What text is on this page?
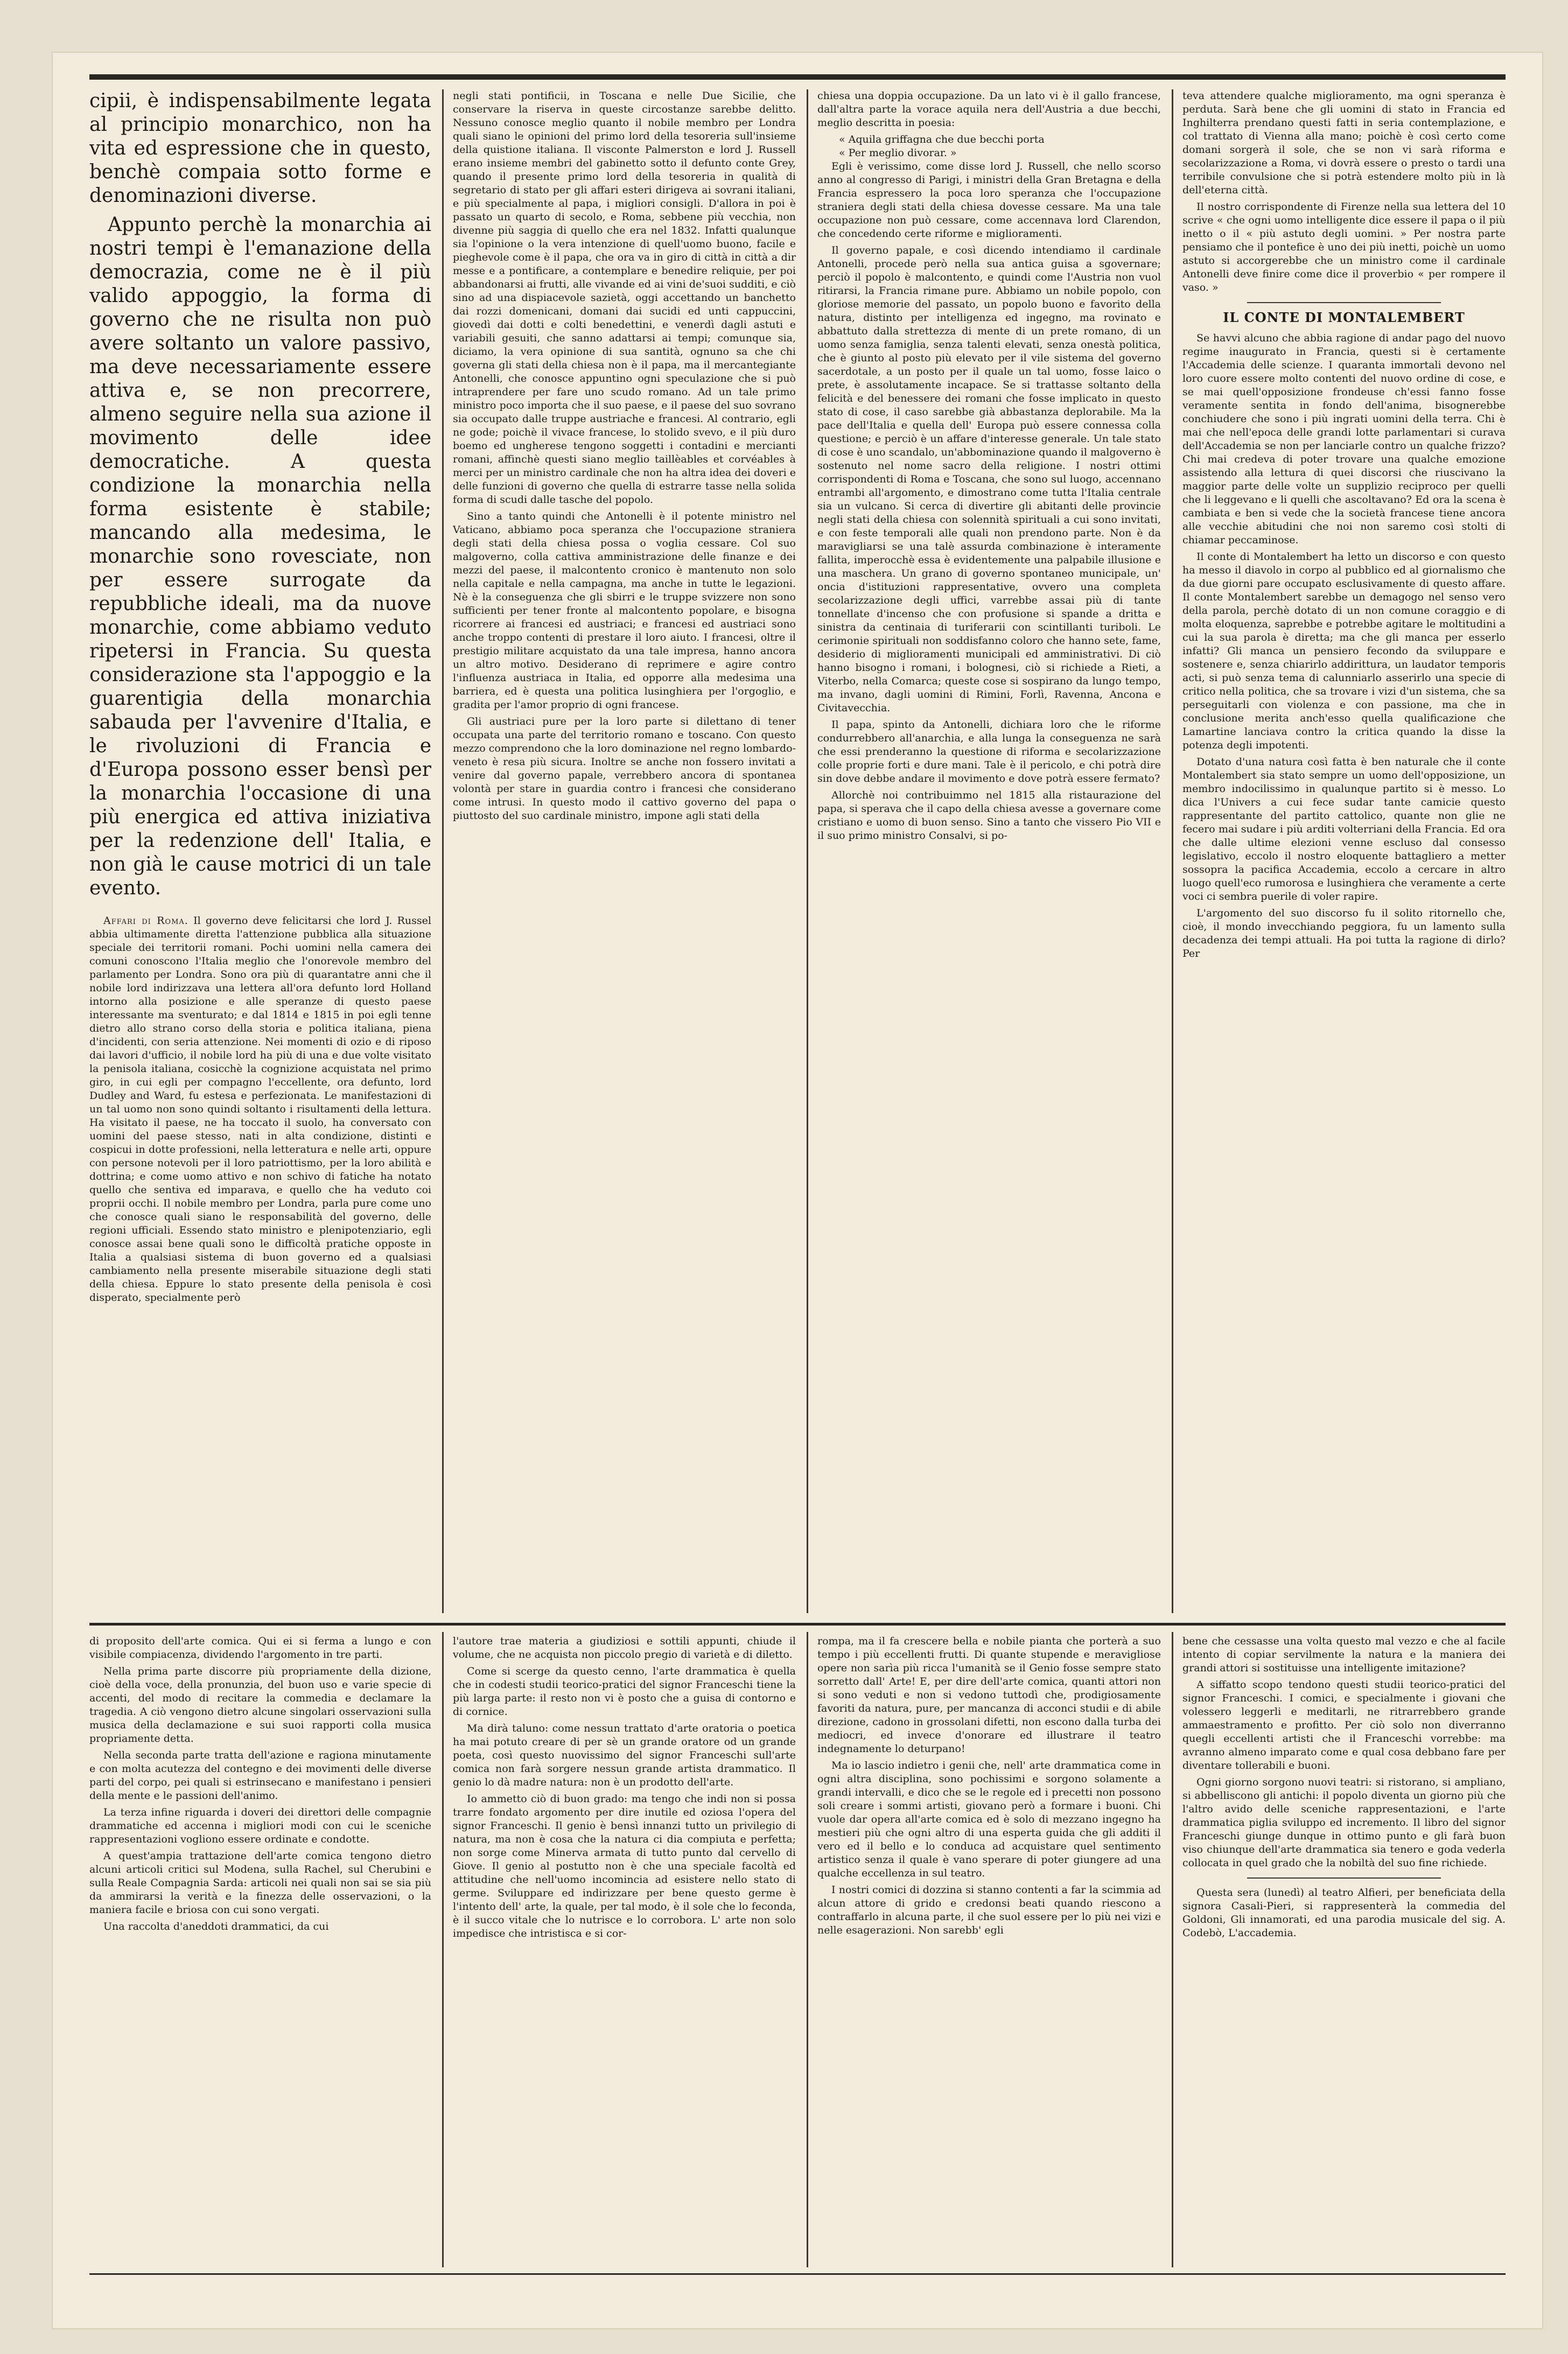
cipii, è indispensabilmente legata al principio monarchico, non ha vita ed espressione che in questo, benchè compaia sotto forme e denominazioni diverse.

Appunto perchè la monarchia ai nostri tempi è l'emanazione della democrazia, come ne è il più valido appoggio, la forma di governo che ne risulta non può avere soltanto un valore passivo, ma deve necessariamente essere attiva e, se non precorrere, almeno seguire nella sua azione il movimento delle idee democratiche. A questa condizione la monarchia nella forma esistente è stabile; mancando alla medesima, le monarchie sono rovesciate, non per essere surrogate da repubbliche ideali, ma da nuove monarchie, come abbiamo veduto ripetersi in Francia. Su questa considerazione sta l'appoggio e la guarentigia della monarchia sabauda per l'avvenire d'Italia, e le rivoluzioni di Francia e d'Europa possono esser bensì per la monarchia l'occasione di una più energica ed attiva iniziativa per la redenzione dell' Italia, e non già le cause motrici di un tale evento.

Affari di Roma. Il governo deve felicitarsi che lord J. Russel abbia ultimamente diretta l'attenzione pubblica alla situazione speciale dei territorii romani. Pochi uomini nella camera dei comuni conoscono l'Italia meglio che l'onorevole membro del parlamento per Londra. Sono ora più di quarantatre anni che il nobile lord indirizzava una lettera all'ora defunto lord Holland intorno alla posizione e alle speranze di questo paese interessante ma sventurato; e dal 1814 e 1815 in poi egli tenne dietro allo strano corso della storia e politica italiana, piena d'incidenti, con seria attenzione. Nei momenti di ozio e di riposo dai lavori d'ufficio, il nobile lord ha più di una e due volte visitato la penisola italiana, cosicchè la cognizione acquistata nel primo giro, in cui egli per compagno l'eccellente, ora defunto, lord Dudley and Ward, fu estesa e perfezionata. Le manifestazioni di un tal uomo non sono quindi soltanto i risultamenti della lettura. Ha visitato il paese, ne ha toccato il suolo, ha conversato con uomini del paese stesso, nati in alta condizione, distinti e cospicui in dotte professioni, nella letteratura e nelle arti, oppure con persone notevoli per il loro patriottismo, per la loro abilità e dottrina; e come uomo attivo e non schivo di fatiche ha notato quello che sentiva ed imparava, e quello che ha veduto coi proprii occhi. Il nobile membro per Londra, parla pure come uno che conosce quali siano le responsabilità del governo, delle regioni ufficiali. Essendo stato ministro e plenipotenziario, egli conosce assai bene quali sono le difficoltà pratiche opposte in Italia a qualsiasi sistema di buon governo ed a qualsiasi cambiamento nella presente miserabile situazione degli stati della chiesa. Eppure lo stato presente della penisola è così disperato, specialmente però

negli stati pontificii, in Toscana e nelle Due Sicilie, che conservare la riserva in queste circostanze sarebbe delitto. Nessuno conosce meglio quanto il nobile membro per Londra quali siano le opinioni del primo lord della tesoreria sull'insieme della quistione italiana. Il visconte Palmerston e lord J. Russell erano insieme membri del gabinetto sotto il defunto conte Grey, quando il presente primo lord della tesoreria in qualità di segretario di stato per gli affari esteri dirigeva ai sovrani italiani, e più specialmente al papa, i migliori consigli. D'allora in poi è passato un quarto di secolo, e Roma, sebbene più vecchia, non divenne più saggia di quello che era nel 1832. Infatti qualunque sia l'opinione o la vera intenzione di quell'uomo buono, facile e pieghevole come è il papa, che ora va in giro di città in città a dir messe e a pontificare, a contemplare e benedire reliquie, per poi abbandonarsi ai frutti, alle vivande ed ai vini de'suoi sudditi, e ciò sino ad una dispiacevole sazietà, oggi accettando un banchetto dai rozzi domenicani, domani dai sucidi ed unti cappuccini, giovedì dai dotti e colti benedettini, e venerdì dagli astuti e variabili gesuiti, che sanno adattarsi ai tempi; comunque sia, diciamo, la vera opinione di sua santità, ognuno sa che chi governa gli stati della chiesa non è il papa, ma il mercantegiante Antonelli, che conosce appuntino ogni speculazione che si può intraprendere per fare uno scudo romano. Ad un tale primo ministro poco importa che il suo paese, e il paese del suo sovrano sia occupato dalle truppe austriache e francesi. Al contrario, egli ne gode; poichè il vivace francese, lo stolido svevo, e il più duro boemo ed ungherese tengono soggetti i contadini e mercianti romani, affinchè questi siano meglio taillèables et corvéables à merci per un ministro cardinale che non ha altra idea dei doveri e delle funzioni di governo che quella di estrarre tasse nella solida forma di scudi dalle tasche del popolo.

Sino a tanto quindi che Antonelli è il potente ministro nel Vaticano, abbiamo poca speranza che l'occupazione straniera degli stati della chiesa possa o voglia cessare. Col suo malgoverno, colla cattiva amministrazione delle finanze e dei mezzi del paese, il malcontento cronico è mantenuto non solo nella capitale e nella campagna, ma anche in tutte le legazioni. Nè è la conseguenza che gli sbirri e le truppe svizzere non sono sufficienti per tener fronte al malcontento popolare, e bisogna ricorrere ai francesi ed austriaci; e francesi ed austriaci sono anche troppo contenti di prestare il loro aiuto. I francesi, oltre il prestigio militare acquistato da una tale impresa, hanno ancora un altro motivo. Desiderano di reprimere e agire contro l'influenza austriaca in Italia, ed opporre alla medesima una barriera, ed è questa una politica lusinghiera per l'orgoglio, e gradita per l'amor proprio di ogni francese.

Gli austriaci pure per la loro parte si dilettano di tener occupata una parte del territorio romano e toscano. Con questo mezzo comprendono che la loro dominazione nel regno lombardo-veneto è resa più sicura. Inoltre se anche non fossero invitati a venire dal governo papale, verrebbero ancora di spontanea volontà per stare in guardia contro i francesi che considerano come intrusi. In questo modo il cattivo governo del papa o piuttosto del suo cardinale ministro, impone agli stati della

chiesa una doppia occupazione. Da un lato vi è il gallo francese, dall'altra parte la vorace aquila nera dell'Austria a due becchi, meglio descritta in poesia:

« Aquila griffagna che due becchi porta
« Per meglio divorar. »

Egli è verissimo, come disse lord J. Russell, che nello scorso anno al congresso di Parigi, i ministri della Gran Bretagna e della Francia espressero la poca loro speranza che l'occupazione straniera degli stati della chiesa dovesse cessare. Ma una tale occupazione non può cessare, come accennava lord Clarendon, che concedendo certe riforme e miglioramenti.

Il governo papale, e così dicendo intendiamo il cardinale Antonelli, procede però nella sua antica guisa a sgovernare; perciò il popolo è malcontento, e quindi come l'Austria non vuol ritirarsi, la Francia rimane pure. Abbiamo un nobile popolo, con gloriose memorie del passato, un popolo buono e favorito della natura, distinto per intelligenza ed ingegno, ma rovinato e abbattuto dalla strettezza di mente di un prete romano, di un uomo senza famiglia, senza talenti elevati, senza onestà politica, che è giunto al posto più elevato per il vile sistema del governo sacerdotale, a un posto per il quale un tal uomo, fosse laico o prete, è assolutamente incapace. Se si trattasse soltanto della felicità e del benessere dei romani che fosse implicato in questo stato di cose, il caso sarebbe già abbastanza deplorabile. Ma la pace dell'Italia e quella dell' Europa può essere connessa colla questione; e perciò è un affare d'interesse generale. Un tale stato di cose è uno scandalo, un'abbominazione quando il malgoverno è sostenuto nel nome sacro della religione. I nostri ottimi corrispondenti di Roma e Toscana, che sono sul luogo, accennano entrambi all'argomento, e dimostrano come tutta l'Italia centrale sia un vulcano. Si cerca di divertire gli abitanti delle provincie negli stati della chiesa con solennità spirituali a cui sono invitati, e con feste temporali alle quali non prendono parte. Non è da maravigliarsi se una talè assurda combinazione è interamente fallita, imperocchè essa è evidentemente una palpabile illusione e una maschera. Un grano di governo spontaneo municipale, un' oncia d'istituzioni rappresentative, ovvero una completa secolarizzazione degli uffici, varrebbe assai più di tante tonnellate d'incenso che con profusione si spande a dritta e sinistra da centinaia di turiferarii con scintillanti turiboli. Le cerimonie spirituali non soddisfanno coloro che hanno sete, fame, desiderio di miglioramenti municipali ed amministrativi. Di ciò hanno bisogno i romani, i bolognesi, ciò si richiede a Rieti, a Viterbo, nella Comarca; queste cose si sospirano da lungo tempo, ma invano, dagli uomini di Rimini, Forlì, Ravenna, Ancona e Civitavecchia.

Il papa, spinto da Antonelli, dichiara loro che le riforme condurrebbero all'anarchia, e alla lunga la conseguenza ne sarà che essi prenderanno la questione di riforma e secolarizzazione colle proprie forti e dure mani. Tale è il pericolo, e chi potrà dire sin dove debbe andare il movimento e dove potrà essere fermato?

Allorchè noi contribuimmo nel 1815 alla ristaurazione del papa, si sperava che il capo della chiesa avesse a governare come cristiano e uomo di buon senso. Sino a tanto che vissero Pio VII e il suo primo ministro Consalvi, si po-

teva attendere qualche miglioramento, ma ogni speranza è perduta. Sarà bene che gli uomini di stato in Francia ed Inghilterra prendano questi fatti in seria contemplazione, e col trattato di Vienna alla mano; poichè è così certo come domani sorgerà il sole, che se non vi sarà riforma e secolarizzazione a Roma, vi dovrà essere o presto o tardi una terribile convulsione che si potrà estendere molto più in là dell'eterna città.

Il nostro corrispondente di Firenze nella sua lettera del 10 scrive « che ogni uomo intelligente dice essere il papa o il più inetto o il « più astuto degli uomini. » Per nostra parte pensiamo che il pontefice è uno dei più inetti, poichè un uomo astuto si accorgerebbe che un ministro come il cardinale Antonelli deve finire come dice il proverbio « per rompere il vaso. »

IL CONTE DI MONTALEMBERT

Se havvi alcuno che abbia ragione di andar pago del nuovo regime inaugurato in Francia, questi si è certamente l'Accademia delle scienze. I quaranta immortali devono nel loro cuore essere molto contenti del nuovo ordine di cose, e se mai quell'opposizione frondeuse ch'essi fanno fosse veramente sentita in fondo dell'anima, bisognerebbe conchiudere che sono i più ingrati uomini della terra. Chi è mai che nell'epoca delle grandi lotte parlamentari si curava dell'Accademia se non per lanciarle contro un qualche frizzo? Chi mai credeva di poter trovare una qualche emozione assistendo alla lettura di quei discorsi che riuscivano la maggior parte delle volte un supplizio reciproco per quelli che li leggevano e li quelli che ascoltavano? Ed ora la scena è cambiata e ben si vede che la società francese tiene ancora alle vecchie abitudini che noi non saremo così stolti di chiamar peccaminose.

Il conte di Montalembert ha letto un discorso e con questo ha messo il diavolo in corpo al pubblico ed al giornalismo che da due giorni pare occupato esclusivamente di questo affare. Il conte Montalembert sarebbe un demagogo nel senso vero della parola, perchè dotato di un non comune coraggio e di molta eloquenza, saprebbe e potrebbe agitare le moltitudini a cui la sua parola è diretta; ma che gli manca per esserlo infatti? Gli manca un pensiero fecondo da sviluppare e sostenere e, senza chiarirlo addirittura, un laudator temporis acti, si può senza tema di calunniarlo asserirlo una specie di critico nella politica, che sa trovare i vizi d'un sistema, che sa perseguitarli con violenza e con passione, ma che in conclusione merita anch'esso quella qualificazione che Lamartine lanciava contro la critica quando la disse la potenza degli impotenti.

Dotato d'una natura così fatta è ben naturale che il conte Montalembert sia stato sempre un uomo dell'opposizione, un membro indocilissimo in qualunque partito si è messo. Lo dica l'Univers a cui fece sudar tante camicie questo rappresentante del partito cattolico, quante non glie ne fecero mai sudare i più arditi volterriani della Francia. Ed ora che dalle ultime elezioni venne escluso dal consesso legislativo, eccolo il nostro eloquente battagliero a metter sossopra la pacifica Accademia, eccolo a cercare in altro luogo quell'eco rumorosa e lusinghiera che veramente a certe voci ci sembra puerile di voler rapire.

L'argomento del suo discorso fu il solito ritornello che, cioè, il mondo invecchiando peggiora, fu un lamento sulla decadenza dei tempi attuali. Ha poi tutta la ragione di dirlo? Per

di proposito dell'arte comica. Qui ei si ferma a lungo e con visibile compiacenza, dividendo l'argomento in tre parti.

Nella prima parte discorre più propriamente della dizione, cioè della voce, della pronunzia, del buon uso e varie specie di accenti, del modo di recitare la commedia e declamare la tragedia. A ciò vengono dietro alcune singolari osservazioni sulla musica della declamazione e sui suoi rapporti colla musica propriamente detta.

Nella seconda parte tratta dell'azione e ragiona minutamente e con molta acutezza del contegno e dei movimenti delle diverse parti del corpo, pei quali si estrinsecano e manifestano i pensieri della mente e le passioni dell'animo.

La terza infine riguarda i doveri dei direttori delle compagnie drammatiche ed accenna i migliori modi con cui le sceniche rappresentazioni vogliono essere ordinate e condotte.

A quest'ampia trattazione dell'arte comica tengono dietro alcuni articoli critici sul Modena, sulla Rachel, sul Cherubini e sulla Reale Compagnia Sarda: articoli nei quali non sai se sia più da ammirarsi la verità e la finezza delle osservazioni, o la maniera facile e briosa con cui sono vergati.

Una raccolta d'aneddoti drammatici, da cui

l'autore trae materia a giudiziosi e sottili appunti, chiude il volume, che ne acquista non piccolo pregio di varietà e di diletto.

Come si scerge da questo cenno, l'arte drammatica è quella che in codesti studii teorico-pratici del signor Franceschi tiene la più larga parte: il resto non vi è posto che a guisa di contorno e di cornice.

Ma dirà taluno: come nessun trattato d'arte oratoria o poetica ha mai potuto creare di per sè un grande oratore od un grande poeta, così questo nuovissimo del signor Franceschi sull'arte comica non farà sorgere nessun grande artista drammatico. Il genio lo dà madre natura: non è un prodotto dell'arte.

Io ammetto ciò di buon grado: ma tengo che indi non si possa trarre fondato argomento per dire inutile ed oziosa l'opera del signor Franceschi. Il genio è bensì innanzi tutto un privilegio di natura, ma non è cosa che la natura ci dia compiuta e perfetta; non sorge come Minerva armata di tutto punto dal cervello di Giove. Il genio al postutto non è che una speciale facoltà ed attitudine che nell'uomo incomincia ad esistere nello stato di germe. Sviluppare ed indirizzare per bene questo germe è l'intento dell' arte, la quale, per tal modo, è il sole che lo feconda, è il succo vitale che lo nutrisce e lo corrobora. L' arte non solo impedisce che intristisca e si cor-

rompa, ma il fa crescere bella e nobile pianta che porterà a suo tempo i più eccellenti frutti. Di quante stupende e meravigliose opere non sarìa più ricca l'umanità se il Genio fosse sempre stato sorretto dall' Arte! E, per dire dell'arte comica, quanti attori non si sono veduti e non si vedono tuttodì che, prodigiosamente favoriti da natura, pure, per mancanza di acconci studii e di abile direzione, cadono in grossolani difetti, non escono dalla turba dei mediocri, ed invece d'onorare ed illustrare il teatro indegnamente lo deturpano!

Ma io lascio indietro i genii che, nell' arte drammatica come in ogni altra disciplina, sono pochissimi e sorgono solamente a grandi intervalli, e dico che se le regole ed i precetti non possono soli creare i sommi artisti, giovano però a formare i buoni. Chi vuole dar opera all'arte comica ed è solo di mezzano ingegno ha mestieri più che ogni altro di una esperta guida che gli additi il vero ed il bello e lo conduca ad acquistare quel sentimento artistico senza il quale è vano sperare di poter giungere ad una qualche eccellenza in sul teatro.

I nostri comici di dozzina si stanno contenti a far la scimmia ad alcun attore di grido e credonsi beati quando riescono a contraffarlo in alcuna parte, il che suol essere per lo più nei vizi e nelle esagerazioni. Non sarebb' egli

bene che cessasse una volta questo mal vezzo e che al facile intento di copiar servilmente la natura e la maniera dei grandi attori si sostituisse una intelligente imitazione?

A siffatto scopo tendono questi studii teorico-pratici del signor Franceschi. I comici, e specialmente i giovani che volessero leggerli e meditarli, ne ritrarrebbero grande ammaestramento e profitto. Per ciò solo non diverranno quegli eccellenti artisti che il Franceschi vorrebbe: ma avranno almeno imparato come e qual cosa debbano fare per diventare tollerabili e buoni.

Ogni giorno sorgono nuovi teatri: si ristorano, si ampliano, si abbelliscono gli antichi: il popolo diventa un giorno più che l'altro avido delle sceniche rappresentazioni, e l'arte drammatica piglia sviluppo ed incremento. Il libro del signor Franceschi giunge dunque in ottimo punto e gli farà buon viso chiunque dell'arte drammatica sia tenero e goda vederla collocata in quel grado che la nobiltà del suo fine richiede.

Questa sera (lunedì) al teatro Alfieri, per beneficiata della signora Casali-Pieri, si rappresenterà la commedia del Goldoni, Gli innamorati, ed una parodia musicale del sig. A. Codebò, L'accademia.
